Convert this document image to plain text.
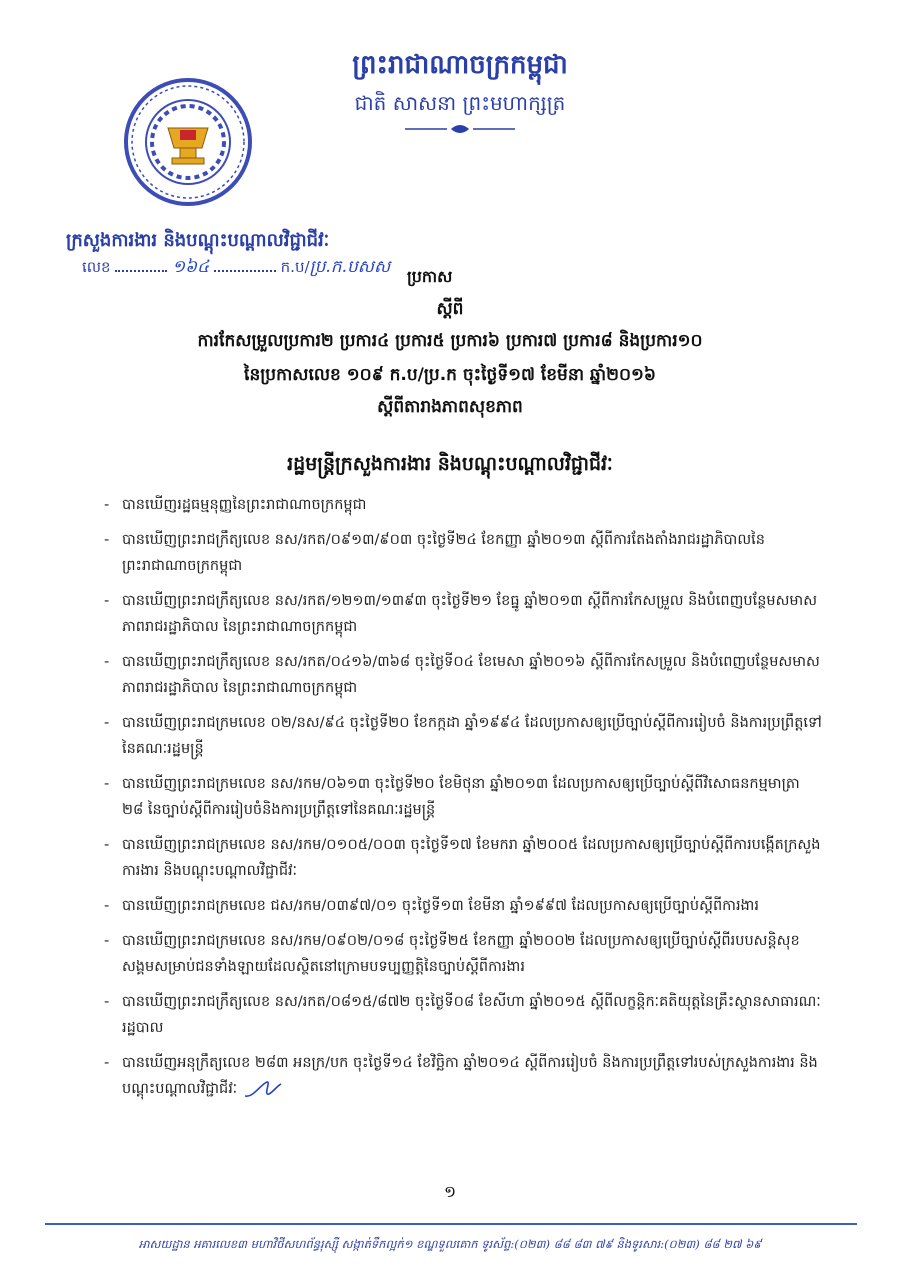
ព្រះរាជាណាចក្រកម្ពុជា
ជាតិ សាសនា ព្រះមហាក្សត្រ
ក្រសួងការងារ និងបណ្តុះបណ្តាលវិជ្ជាជីវៈ
លេខ	១៦៤	ក.ប/ប្រ.ក.បសស ប្រកាស
ស្តីពី
ការកែសម្រួលប្រការ២ ប្រការ៤ ប្រការ៥ ប្រការ៦ ប្រការ៧ ប្រការ៨ និងប្រការ១០
នៃប្រកាសលេខ ១០៩ ក.ប/ប្រ.ក ចុះថ្ងៃទី១៧ ខែមីនា ឆ្នាំ២០១៦
ស្តីពីតារាងភាពសុខភាព
រដ្ឋមន្ត្រីក្រសួងការងារ និងបណ្តុះបណ្តាលវិជ្ជាជីវៈ
- បានឃើញរដ្ឋធម្មនុញ្ញនៃព្រះរាជាណាចក្រកម្ពុជា
- បានឃើញព្រះរាជក្រឹត្យលេខ នស/រកត/០៩១៣/៩០៣ ចុះថ្ងៃទី២៤ ខែកញ្ញា ឆ្នាំ២០១៣ ស្តីពីការតែងតាំងរាជរដ្ឋាភិបាលនៃព្រះរាជាណាចក្រកម្ពុជា
- បានឃើញព្រះរាជក្រឹត្យលេខ នស/រកត/១២១៣/១៣៩៣ ចុះថ្ងៃទី២១ ខែធ្នូ ឆ្នាំ២០១៣ ស្តីពីការកែសម្រួល និងបំពេញបន្ថែមសមាសភាពរាជរដ្ឋាភិបាល នៃព្រះរាជាណាចក្រកម្ពុជា
- បានឃើញព្រះរាជក្រឹត្យលេខ នស/រកត/០៤១៦/៣៦៨ ចុះថ្ងៃទី០៤ ខែមេសា ឆ្នាំ២០១៦ ស្តីពីការកែសម្រួល និងបំពេញបន្ថែមសមាសភាពរាជរដ្ឋាភិបាល នៃព្រះរាជាណាចក្រកម្ពុជា
- បានឃើញព្រះរាជក្រមលេខ ០២/នស/៩៤ ចុះថ្ងៃទី២០ ខែកក្កដា ឆ្នាំ១៩៩៤ ដែលប្រកាសឲ្យប្រើច្បាប់ស្តីពីការរៀបចំ និងការប្រព្រឹត្តទៅនៃគណៈរដ្ឋមន្ត្រី
- បានឃើញព្រះរាជក្រមលេខ នស/រកម/០៦១៣ ចុះថ្ងៃទី២០ ខែមិថុនា ឆ្នាំ២០១៣ ដែលប្រកាសឲ្យប្រើច្បាប់ស្តីពីវិសោធនកម្មមាត្រា ២៨ នៃច្បាប់ស្តីពីការរៀបចំនិងការប្រព្រឹត្តទៅនៃគណៈរដ្ឋមន្ត្រី
- បានឃើញព្រះរាជក្រមលេខ នស/រកម/០១០៥/០០៣ ចុះថ្ងៃទី១៧ ខែមករា ឆ្នាំ២០០៥ ដែលប្រកាសឲ្យប្រើច្បាប់ស្តីពីការបង្កើតក្រសួងការងារ និងបណ្តុះបណ្តាលវិជ្ជាជីវៈ
- បានឃើញព្រះរាជក្រមលេខ ជស/រកម/០៣៩៧/០១ ចុះថ្ងៃទី១៣ ខែមីនា ឆ្នាំ១៩៩៧ ដែលប្រកាសឲ្យប្រើច្បាប់ស្តីពីការងារ
- បានឃើញព្រះរាជក្រមលេខ នស/រកម/០៩០២/០១៨ ចុះថ្ងៃទី២៥ ខែកញ្ញា ឆ្នាំ២០០២ ដែលប្រកាសឲ្យប្រើច្បាប់ស្តីពីរបបសន្តិសុខសង្គមសម្រាប់ជនទាំងឡាយដែលស្ថិតនៅក្រោមបទប្បញ្ញត្តិនៃច្បាប់ស្តីពីការងារ
- បានឃើញព្រះរាជក្រឹត្យលេខ នស/រកត/០៨១៥/៨៧២ ចុះថ្ងៃទី០៨ ខែសីហា ឆ្នាំ២០១៥ ស្តីពីលក្ខន្តិកៈគតិយុត្តនៃគ្រឹះស្ថានសាធារណៈរដ្ឋបាល
- បានឃើញអនុក្រឹត្យលេខ ២៨៣ អនក្រ/បក ចុះថ្ងៃទី១៤ ខែវិច្ឆិកា ឆ្នាំ២០១៤ ស្តីពីការរៀបចំ និងការប្រព្រឹត្តទៅរបស់ក្រសួងការងារ និងបណ្តុះបណ្តាលវិជ្ជាជីវៈ
១
អាសយដ្ឋាន អគារលេខ៣ មហាវិថីសហព័ន្ធរុស្ស៊ី សង្កាត់ទឹកល្អក់១ ខណ្ឌទួលគោក ទូរស័ព្ទ:(០២៣) ៨៨ ៨៣ ៧៩ និងទូរសារ:(០២៣) ៨៨ ២៧ ៦៩
